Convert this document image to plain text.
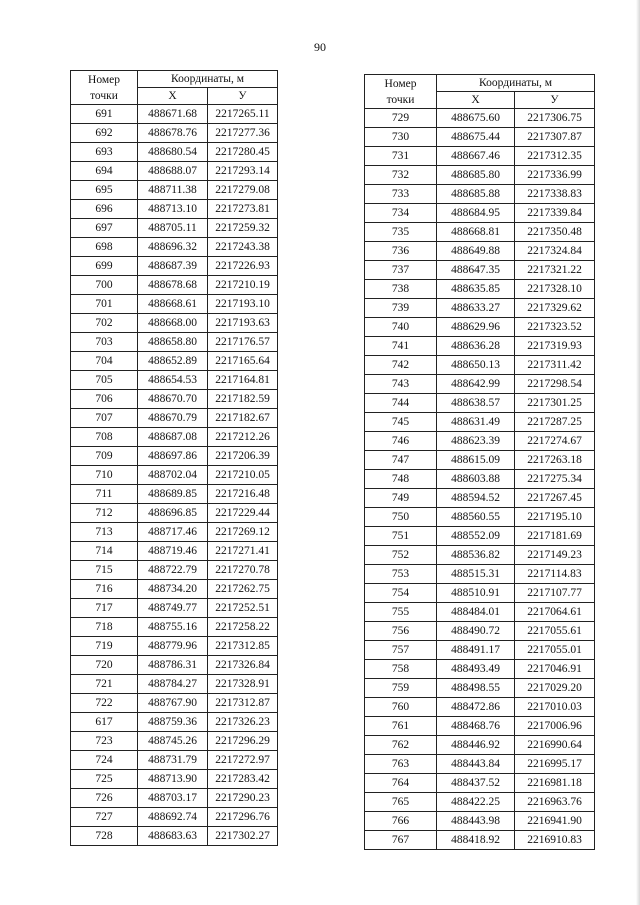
90
Номер
точки	Координаты, м	
	X	У
691	488671.68	2217265.11
692	488678.76	2217277.36
693	488680.54	2217280.45
694	488688.07	2217293.14
695	488711.38	2217279.08
696	488713.10	2217273.81
697	488705.11	2217259.32
698	488696.32	2217243.38
699	488687.39	2217226.93
700	488678.68	2217210.19
701	488668.61	2217193.10
702	488668.00	2217193.63
703	488658.80	2217176.57
704	488652.89	2217165.64
705	488654.53	2217164.81
706	488670.70	2217182.59
707	488670.79	2217182.67
708	488687.08	2217212.26
709	488697.86	2217206.39
710	488702.04	2217210.05
711	488689.85	2217216.48
712	488696.85	2217229.44
713	488717.46	2217269.12
714	488719.46	2217271.41
715	488722.79	2217270.78
716	488734.20	2217262.75
717	488749.77	2217252.51
718	488755.16	2217258.22
719	488779.96	2217312.85
720	488786.31	2217326.84
721	488784.27	2217328.91
722	488767.90	2217312.87
617	488759.36	2217326.23
723	488745.26	2217296.29
724	488731.79	2217272.97
725	488713.90	2217283.42
726	488703.17	2217290.23
727	488692.74	2217296.76
728	488683.63	2217302.27
Номер
точки	Координаты, м	
	X	У
729	488675.60	2217306.75
730	488675.44	2217307.87
731	488667.46	2217312.35
732	488685.80	2217336.99
733	488685.88	2217338.83
734	488684.95	2217339.84
735	488668.81	2217350.48
736	488649.88	2217324.84
737	488647.35	2217321.22
738	488635.85	2217328.10
739	488633.27	2217329.62
740	488629.96	2217323.52
741	488636.28	2217319.93
742	488650.13	2217311.42
743	488642.99	2217298.54
744	488638.57	2217301.25
745	488631.49	2217287.25
746	488623.39	2217274.67
747	488615.09	2217263.18
748	488603.88	2217275.34
749	488594.52	2217267.45
750	488560.55	2217195.10
751	488552.09	2217181.69
752	488536.82	2217149.23
753	488515.31	2217114.83
754	488510.91	2217107.77
755	488484.01	2217064.61
756	488490.72	2217055.61
757	488491.17	2217055.01
758	488493.49	2217046.91
759	488498.55	2217029.20
760	488472.86	2217010.03
761	488468.76	2217006.96
762	488446.92	2216990.64
763	488443.84	2216995.17
764	488437.52	2216981.18
765	488422.25	2216963.76
766	488443.98	2216941.90
767	488418.92	2216910.83
